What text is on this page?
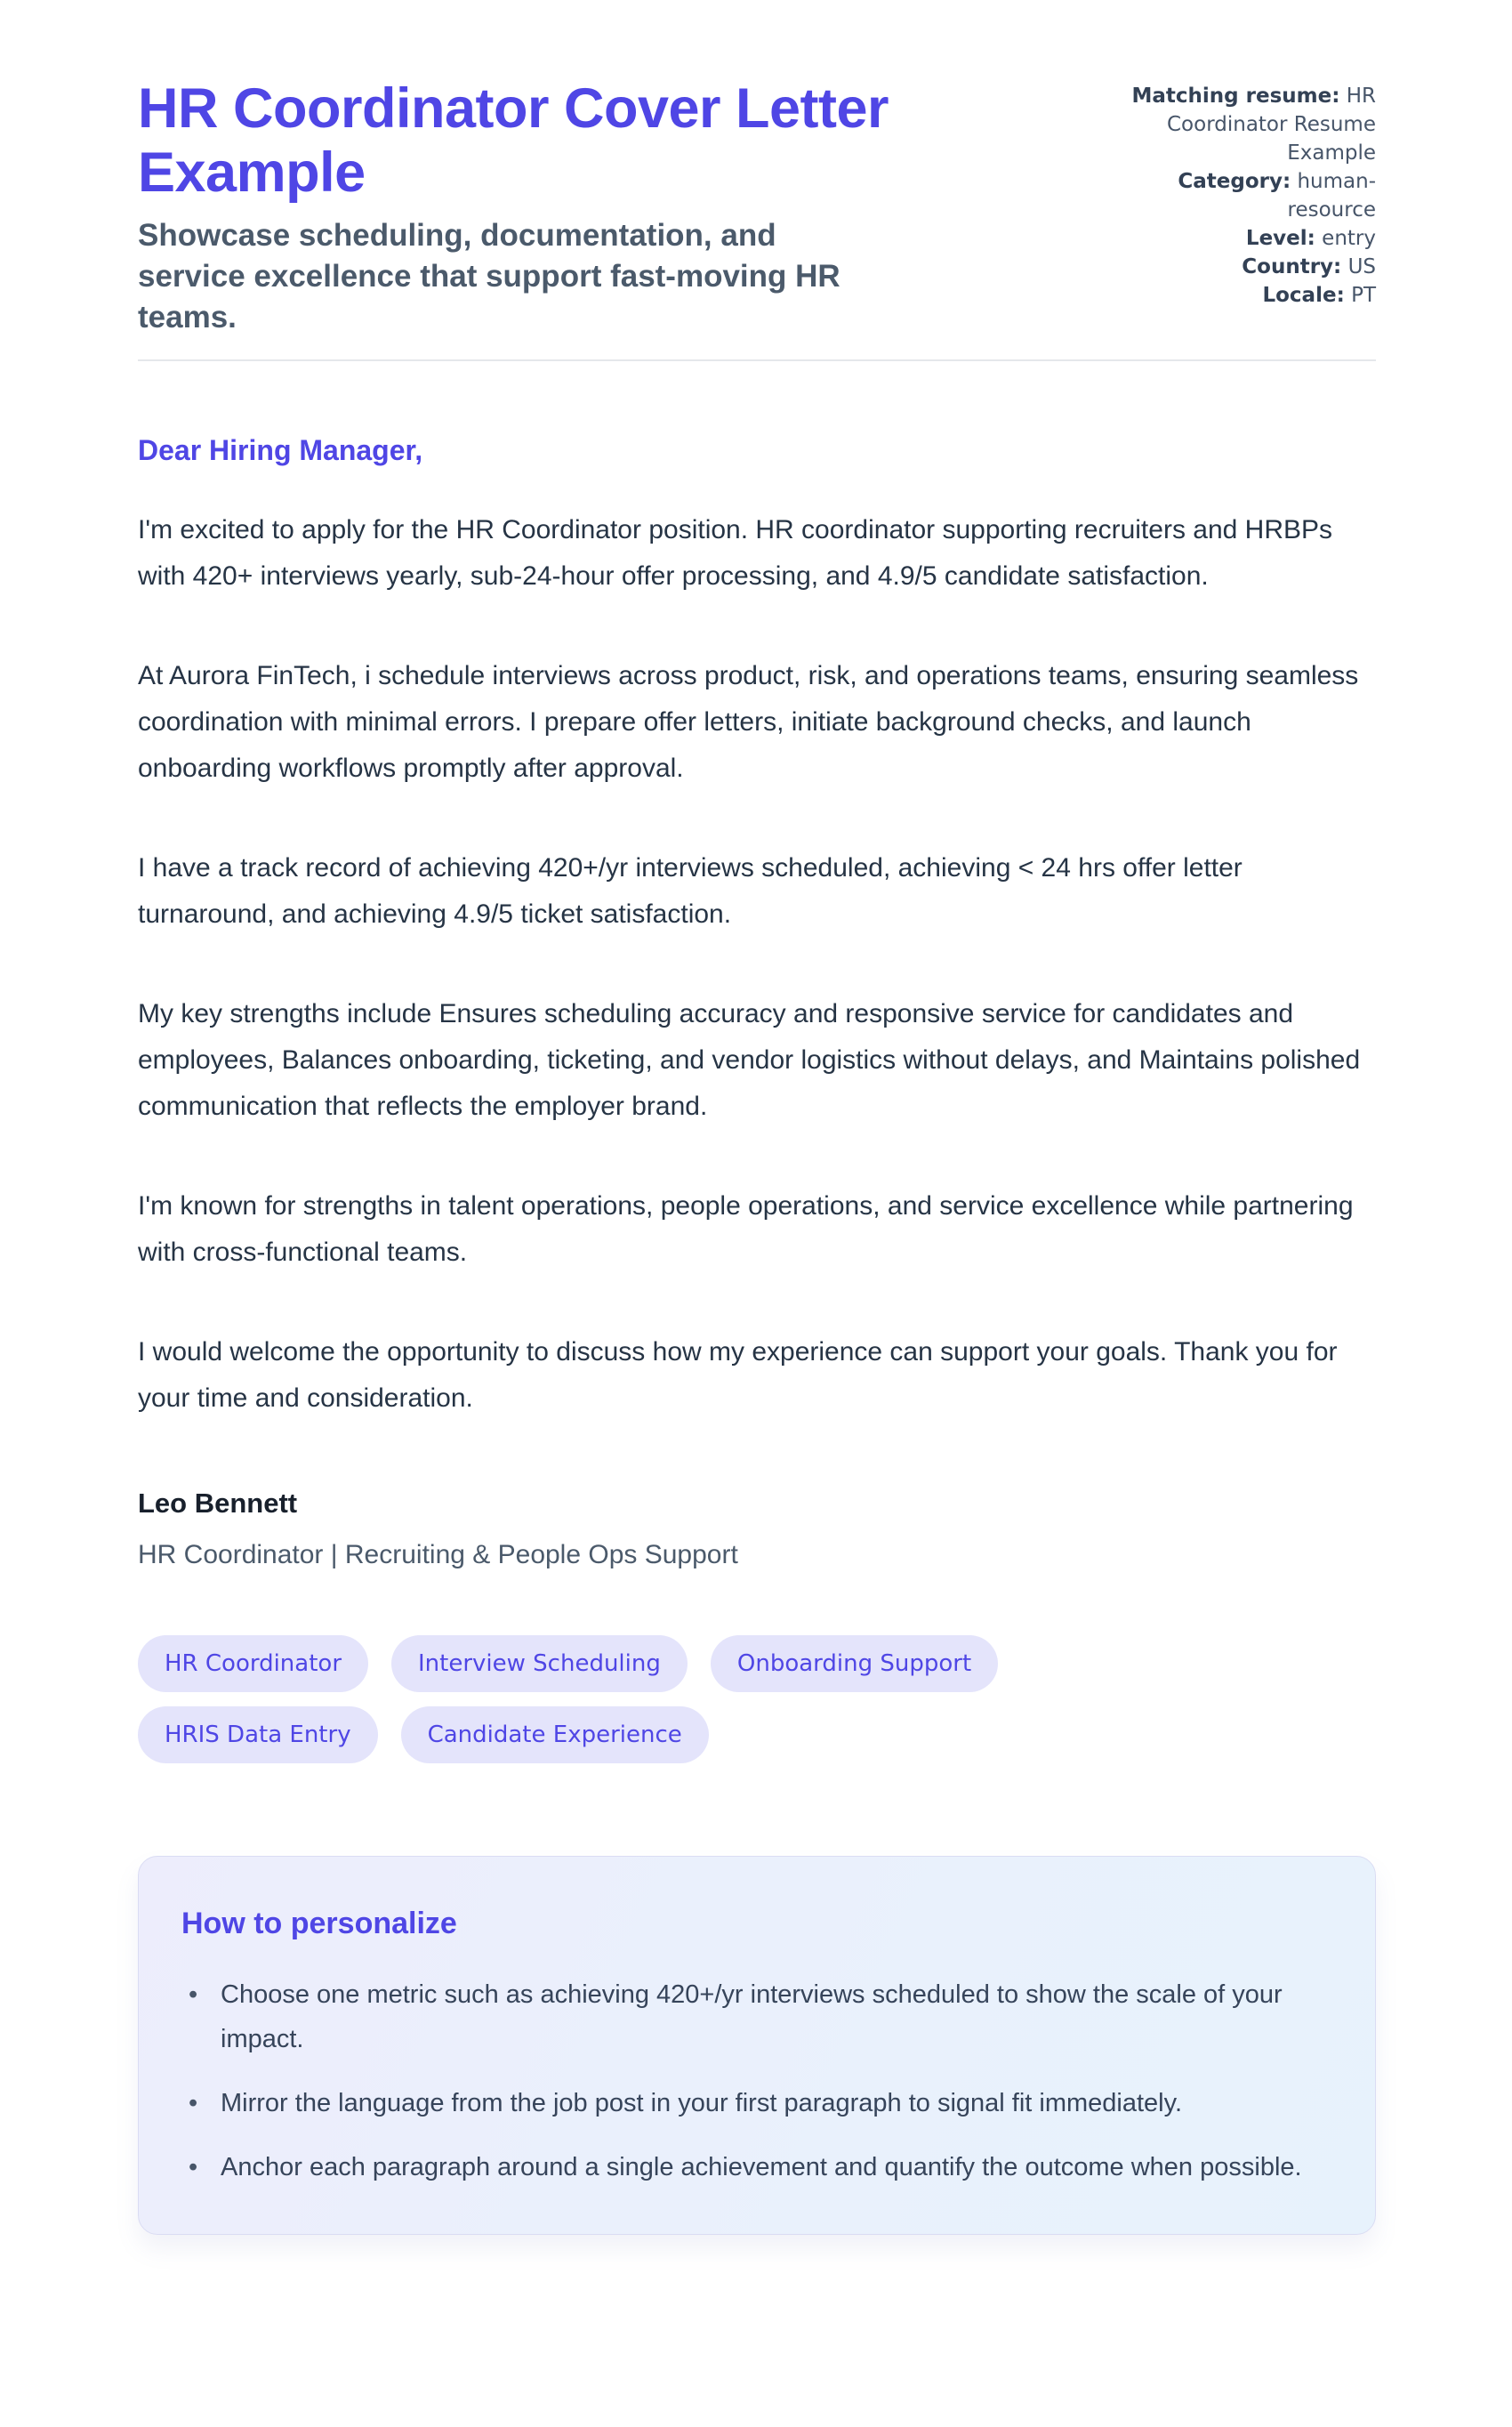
HR Coordinator Cover Letter Example
Showcase scheduling, documentation, and service excellence that support fast-moving HR teams.
Matching resume: HR Coordinator Resume Example
Category: human-resource
Level: entry
Country: US
Locale: PT
Dear Hiring Manager,

I'm excited to apply for the HR Coordinator position. HR coordinator supporting recruiters and HRBPs with 420+ interviews yearly, sub-24-hour offer processing, and 4.9/5 candidate satisfaction.

At Aurora FinTech, i schedule interviews across product, risk, and operations teams, ensuring seamless coordination with minimal errors. I prepare offer letters, initiate background checks, and launch onboarding workflows promptly after approval.

I have a track record of achieving 420+/yr interviews scheduled, achieving < 24 hrs offer letter turnaround, and achieving 4.9/5 ticket satisfaction.

My key strengths include Ensures scheduling accuracy and responsive service for candidates and employees, Balances onboarding, ticketing, and vendor logistics without delays, and Maintains polished communication that reflects the employer brand.

I'm known for strengths in talent operations, people operations, and service excellence while partnering with cross-functional teams.

I would welcome the opportunity to discuss how my experience can support your goals. Thank you for your time and consideration.

Leo Bennett
HR Coordinator | Recruiting & People Ops Support
HR Coordinator	Interview Scheduling	Onboarding Support
HRIS Data Entry	Candidate Experience
How to personalize
• Choose one metric such as achieving 420+/yr interviews scheduled to show the scale of your impact.
• Mirror the language from the job post in your first paragraph to signal fit immediately.
• Anchor each paragraph around a single achievement and quantify the outcome when possible.
